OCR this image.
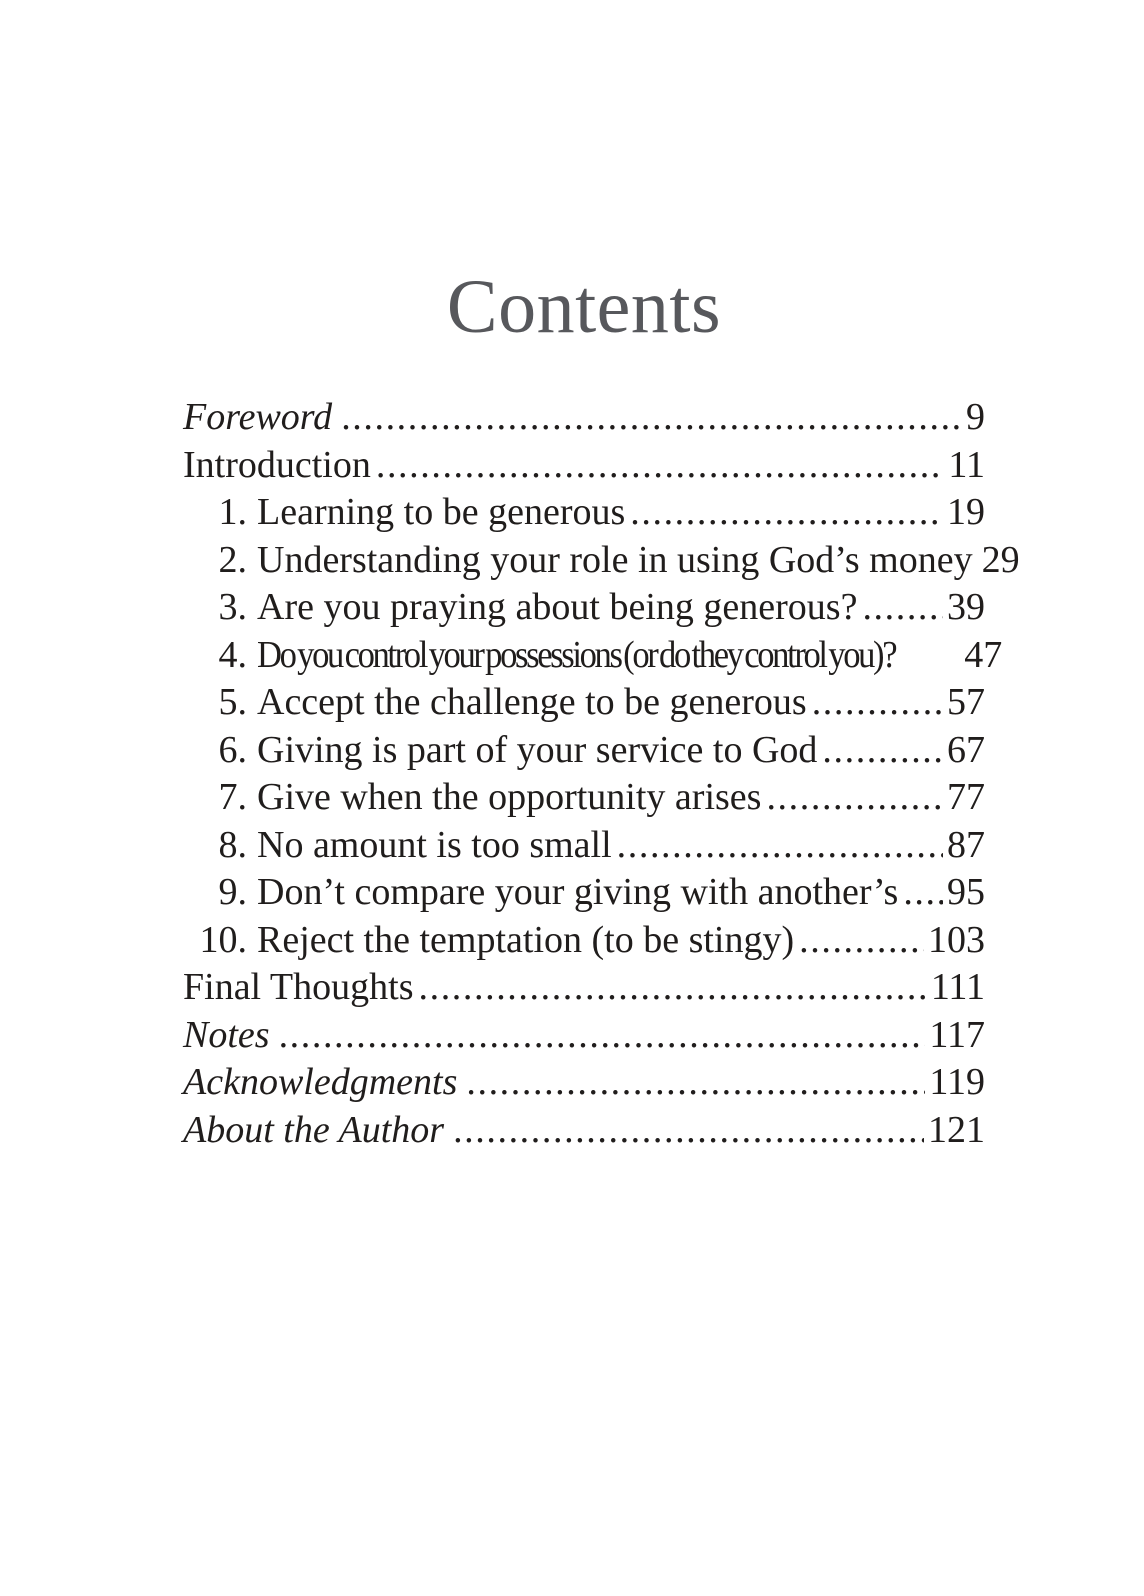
Contents
Foreword .....	9
Introduction .....	11
1. Learning to be generous .....	19
2. Understanding your role in using God’s money 29
3. Are you praying about being generous? ..... 39
4. Do you control your possessions (or do they control you)? 47
5. Accept the challenge to be generous .....	57
6. Giving is part of your service to God .....	67
7. Give when the opportunity arises .....	77
8. No amount is too small .....	87
9. Don’t compare your giving with another’s ..... 95
10. Reject the temptation (to be stingy) .....	103
Final Thoughts .....	111
Notes .....	117
Acknowledgments .....	119
About the Author .....	121
